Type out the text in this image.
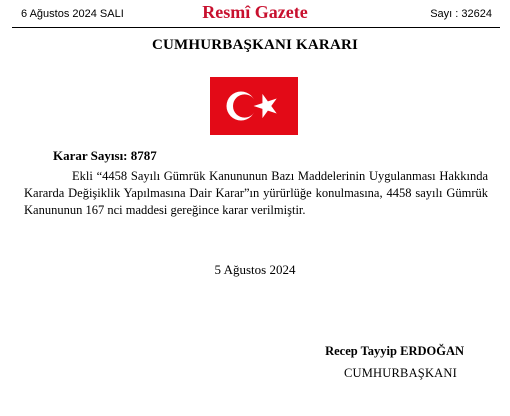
6 Ağustos 2024 SALI	Resmî Gazete	Sayı : 32624
CUMHURBAŞKANI KARARI
Karar Sayısı: 8787

Ekli “4458 Sayılı Gümrük Kanununun Bazı Maddelerinin Uygulanması Hakkında Kararda Değişiklik Yapılmasına Dair Karar”ın yürürlüğe konulmasına, 4458 sayılı Gümrük Kanununun 167 nci maddesi gereğince karar verilmiştir.

5 Ağustos 2024
Recep Tayyip ERDOĞAN
CUMHURBAŞKANI
